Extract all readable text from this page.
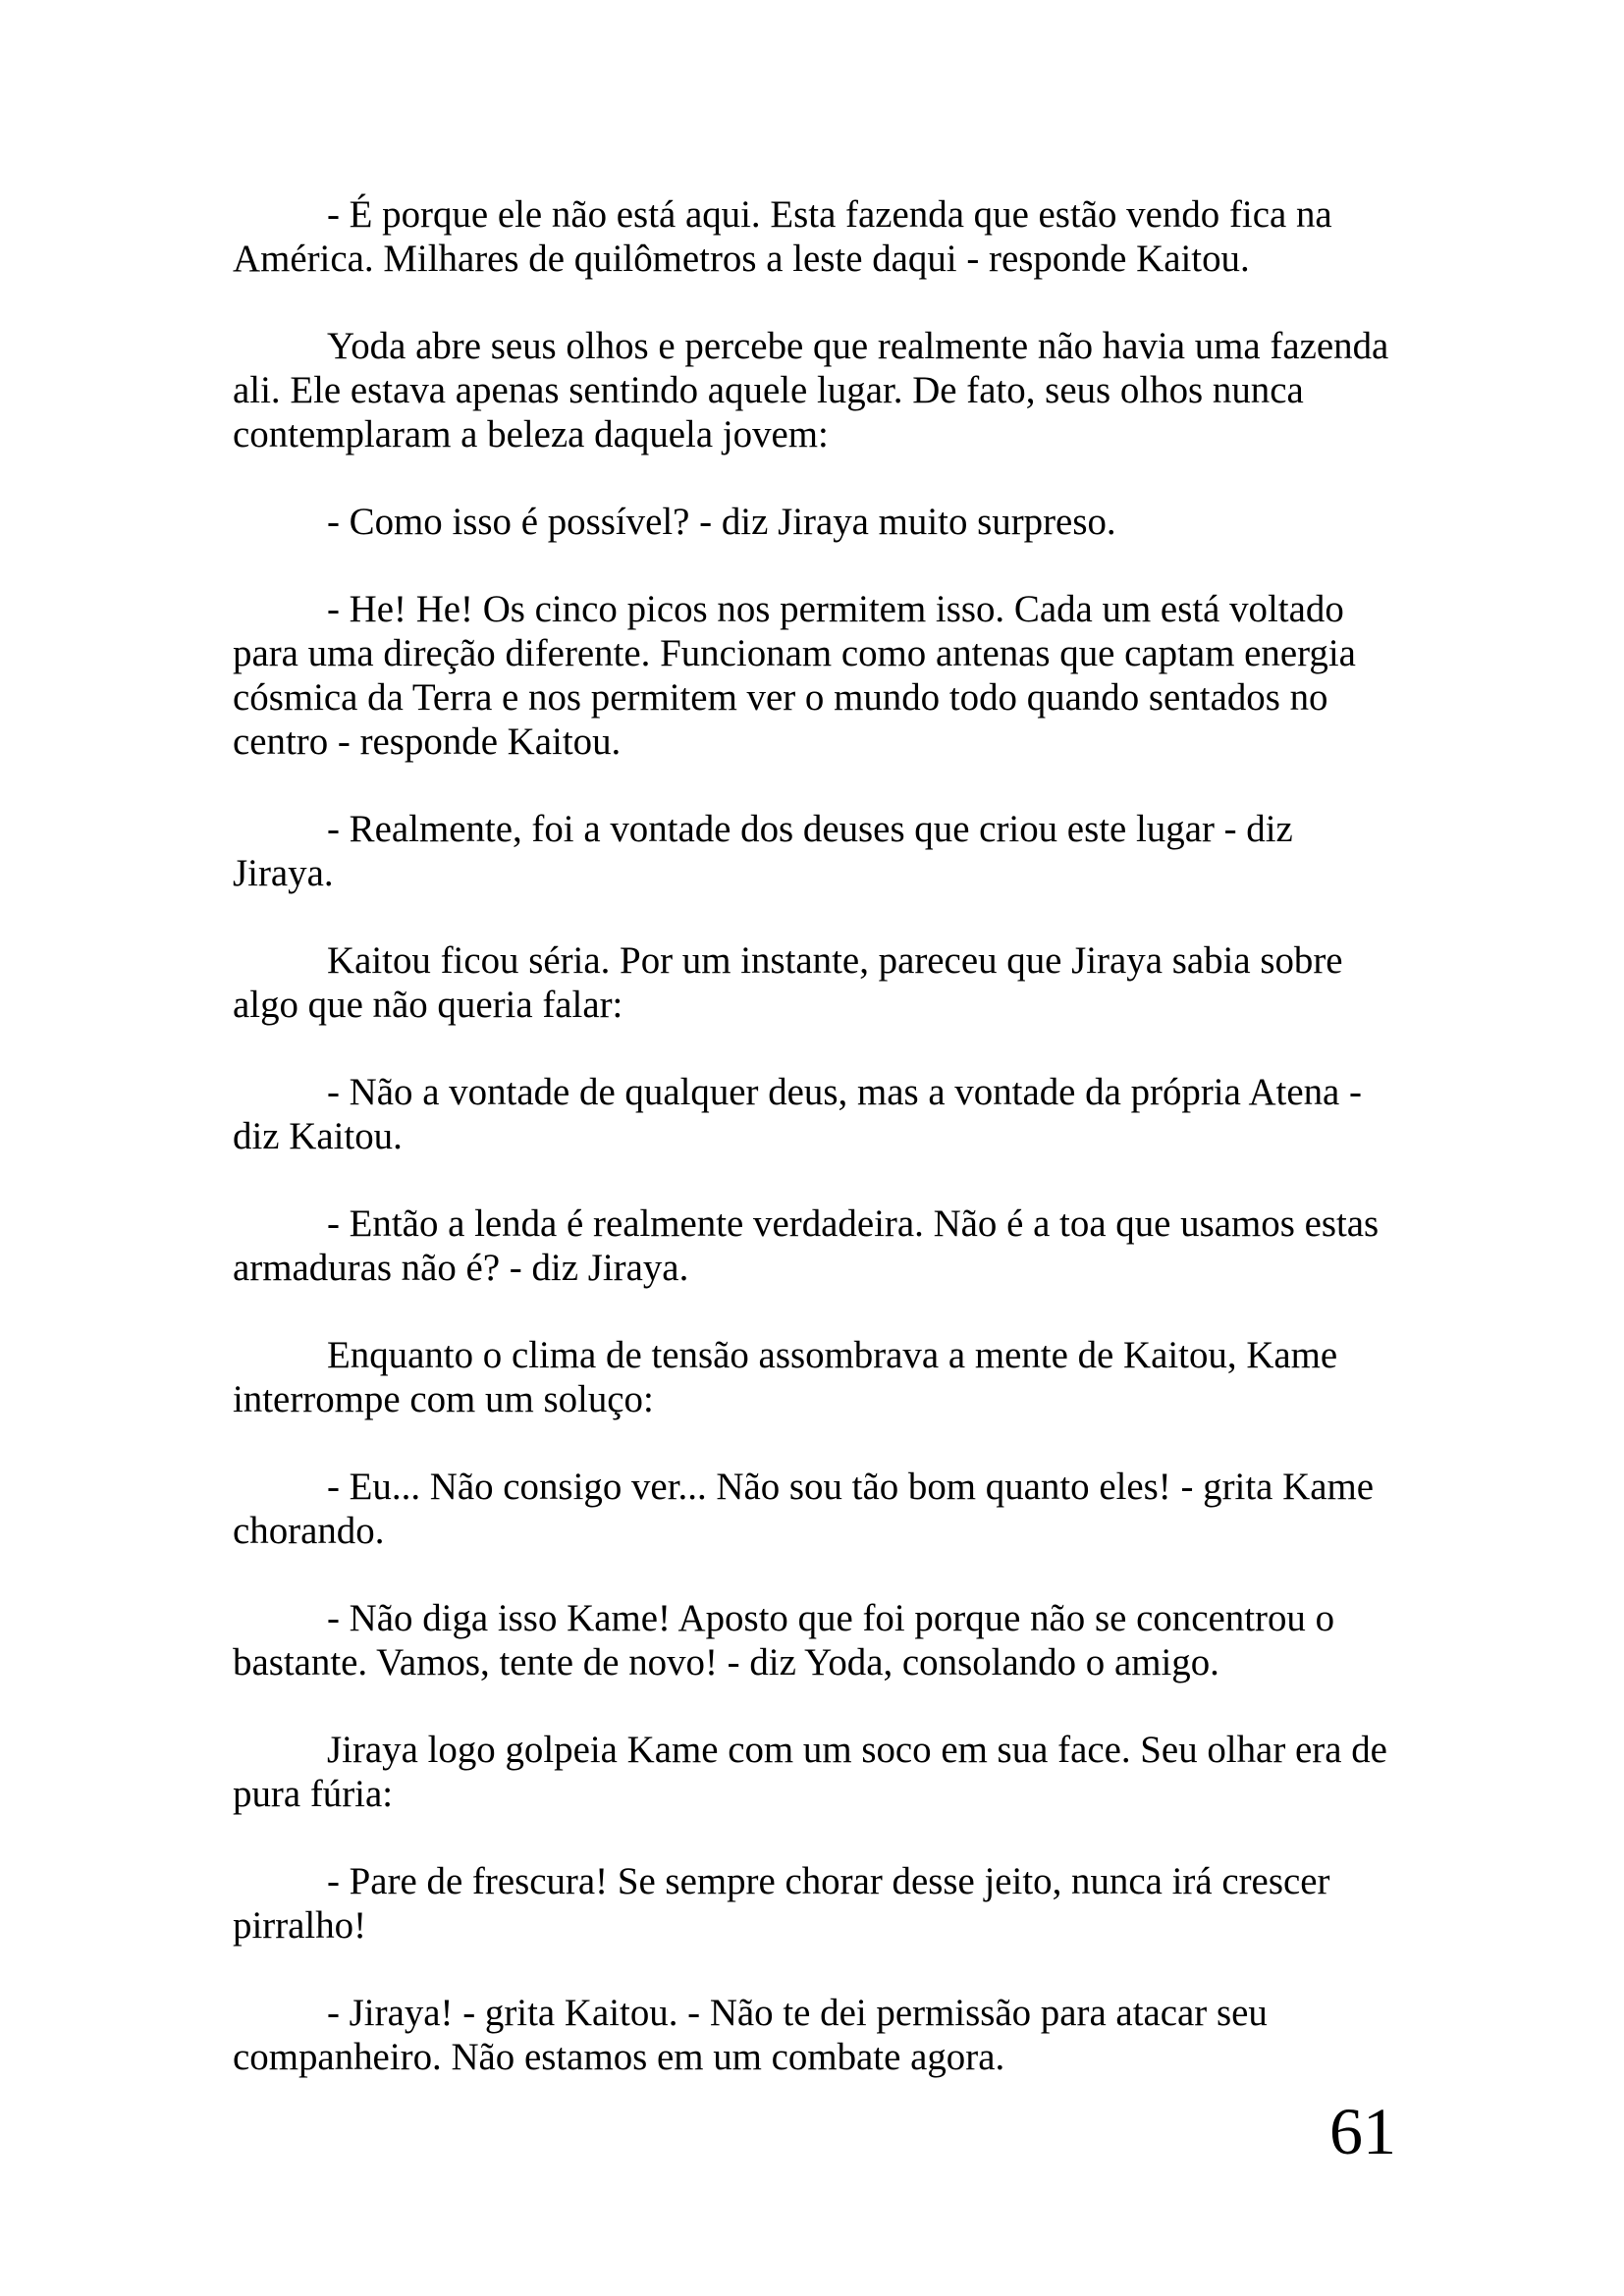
- É porque ele não está aqui. Esta fazenda que estão vendo fica na América. Milhares de quilômetros a leste daqui - responde Kaitou.

Yoda abre seus olhos e percebe que realmente não havia uma fazenda ali. Ele estava apenas sentindo aquele lugar. De fato, seus olhos nunca contemplaram a beleza daquela jovem:

- Como isso é possível? - diz Jiraya muito surpreso.

- He! He! Os cinco picos nos permitem isso. Cada um está voltado para uma direção diferente. Funcionam como antenas que captam energia cósmica da Terra e nos permitem ver o mundo todo quando sentados no centro - responde Kaitou.

- Realmente, foi a vontade dos deuses que criou este lugar - diz Jiraya.

Kaitou ficou séria. Por um instante, pareceu que Jiraya sabia sobre algo que não queria falar:

- Não a vontade de qualquer deus, mas a vontade da própria Atena - diz Kaitou.

- Então a lenda é realmente verdadeira. Não é a toa que usamos estas armaduras não é? - diz Jiraya.

Enquanto o clima de tensão assombrava a mente de Kaitou, Kame interrompe com um soluço:

- Eu... Não consigo ver... Não sou tão bom quanto eles! - grita Kame chorando.

- Não diga isso Kame! Aposto que foi porque não se concentrou o bastante. Vamos, tente de novo! - diz Yoda, consolando o amigo.

Jiraya logo golpeia Kame com um soco em sua face. Seu olhar era de pura fúria:

- Pare de frescura! Se sempre chorar desse jeito, nunca irá crescer pirralho!

- Jiraya! - grita Kaitou. - Não te dei permissão para atacar seu companheiro. Não estamos em um combate agora.

61
